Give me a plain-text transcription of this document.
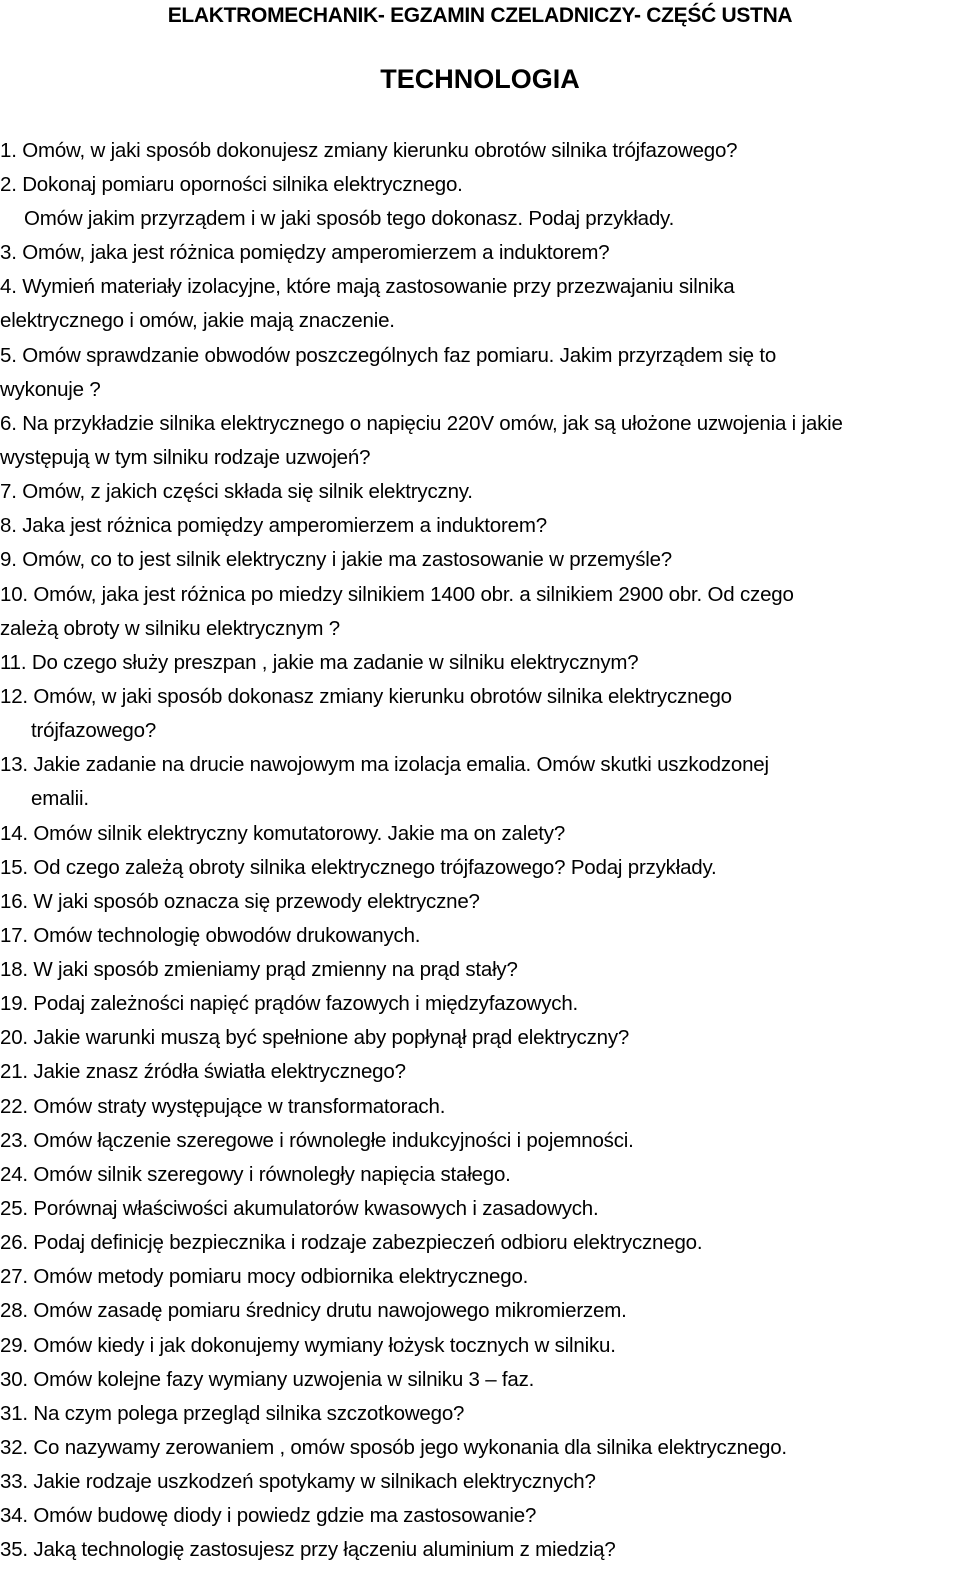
ELAKTROMECHANIK- EGZAMIN CZELADNICZY- CZĘŚĆ USTNA
TECHNOLOGIA
1. Omów, w jaki sposób dokonujesz zmiany kierunku obrotów silnika trójfazowego?
2. Dokonaj pomiaru oporności silnika elektrycznego.
Omów jakim przyrządem i w jaki sposób tego dokonasz. Podaj przykłady.
3. Omów, jaka jest różnica pomiędzy amperomierzem a induktorem?
4. Wymień materiały izolacyjne, które mają zastosowanie przy przezwajaniu silnika
elektrycznego i omów, jakie mają znaczenie.
5. Omów sprawdzanie obwodów poszczególnych faz pomiaru. Jakim przyrządem się to
wykonuje ?
6. Na przykładzie silnika elektrycznego o napięciu 220V omów, jak są ułożone uzwojenia i jakie
występują w tym silniku rodzaje uzwojeń?
7. Omów, z jakich części składa się silnik elektryczny.
8. Jaka jest różnica pomiędzy amperomierzem a induktorem?
9. Omów, co to jest silnik elektryczny i jakie ma zastosowanie w przemyśle?
10. Omów, jaka jest różnica po miedzy silnikiem 1400 obr. a silnikiem 2900 obr. Od czego
zależą obroty w silniku elektrycznym ?
11. Do czego służy preszpan , jakie ma zadanie w silniku elektrycznym?
12. Omów, w jaki sposób dokonasz zmiany kierunku obrotów silnika elektrycznego
trójfazowego?
13. Jakie zadanie na drucie nawojowym ma izolacja emalia. Omów skutki uszkodzonej
emalii.
14. Omów silnik elektryczny komutatorowy. Jakie ma on zalety?
15. Od czego zależą obroty silnika elektrycznego trójfazowego? Podaj przykłady.
16. W jaki sposób oznacza się przewody elektryczne?
17. Omów technologię obwodów drukowanych.
18. W jaki sposób zmieniamy prąd zmienny na prąd stały?
19. Podaj zależności napięć prądów fazowych i międzyfazowych.
20. Jakie warunki muszą być spełnione aby popłynął prąd elektryczny?
21. Jakie znasz źródła światła elektrycznego?
22. Omów straty występujące w transformatorach.
23. Omów łączenie szeregowe i równoległe indukcyjności i pojemności.
24. Omów silnik szeregowy i równoległy napięcia stałego.
25. Porównaj właściwości akumulatorów kwasowych i zasadowych.
26. Podaj definicję bezpiecznika i rodzaje zabezpieczeń odbioru elektrycznego.
27. Omów metody pomiaru mocy odbiornika elektrycznego.
28. Omów zasadę pomiaru średnicy drutu nawojowego mikromierzem.
29. Omów kiedy i jak dokonujemy wymiany łożysk tocznych w silniku.
30. Omów kolejne fazy wymiany uzwojenia w silniku 3 – faz.
31. Na czym polega przegląd silnika szczotkowego?
32. Co nazywamy zerowaniem , omów sposób jego wykonania dla silnika elektrycznego.
33. Jakie rodzaje uszkodzeń spotykamy w silnikach elektrycznych?
34. Omów budowę diody i powiedz gdzie ma zastosowanie?
35. Jaką technologię zastosujesz przy łączeniu aluminium z miedzią?
